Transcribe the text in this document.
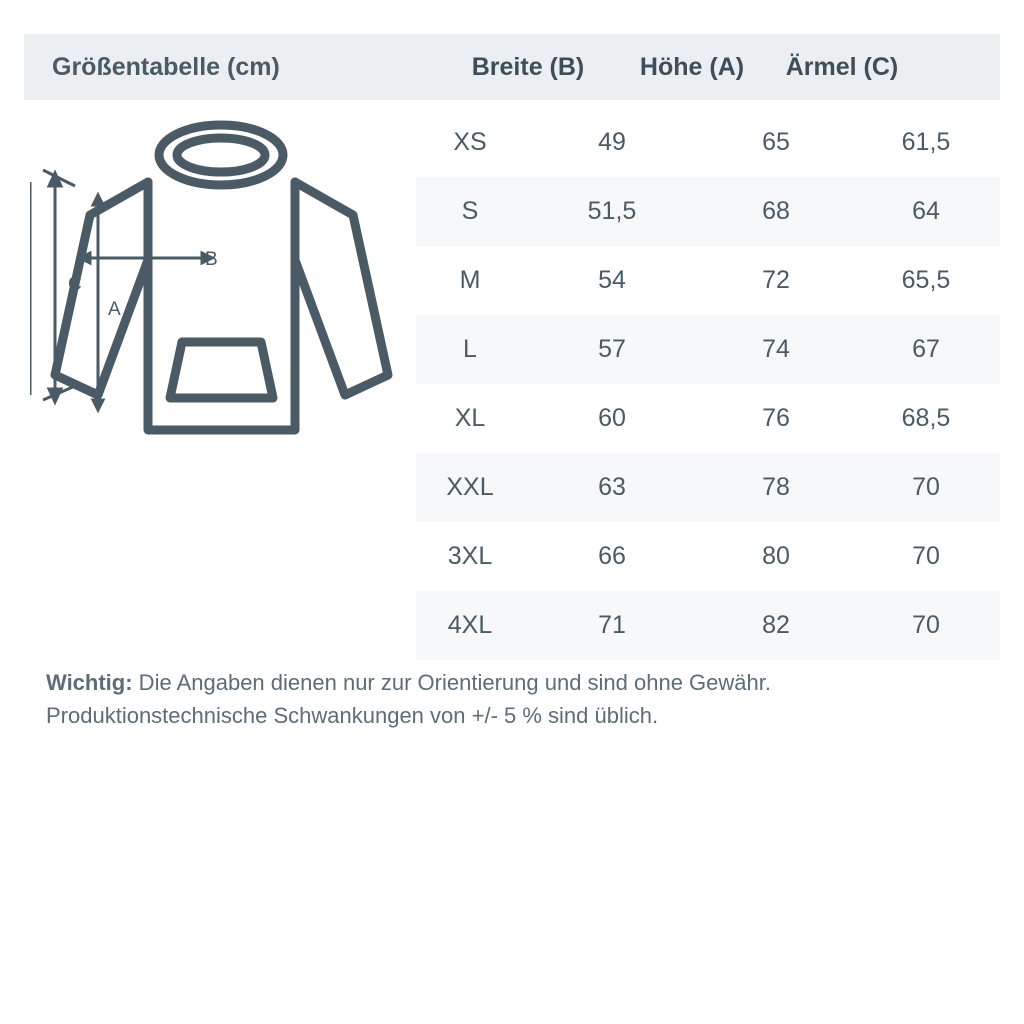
Größentabelle (cm)	Breite (B)	Höhe (A)	Ärmel (C)
C
B
A
XS	49	65	61,5
S	51,5	68	64
M	54	72	65,5
L	57	74	67
XL	60	76	68,5
XXL	63	78	70
3XL	66	80	70
4XL	71	82	70
Wichtig: Die Angaben dienen nur zur Orientierung und sind ohne Gewähr.
Produktionstechnische Schwankungen von +/- 5 % sind üblich.
